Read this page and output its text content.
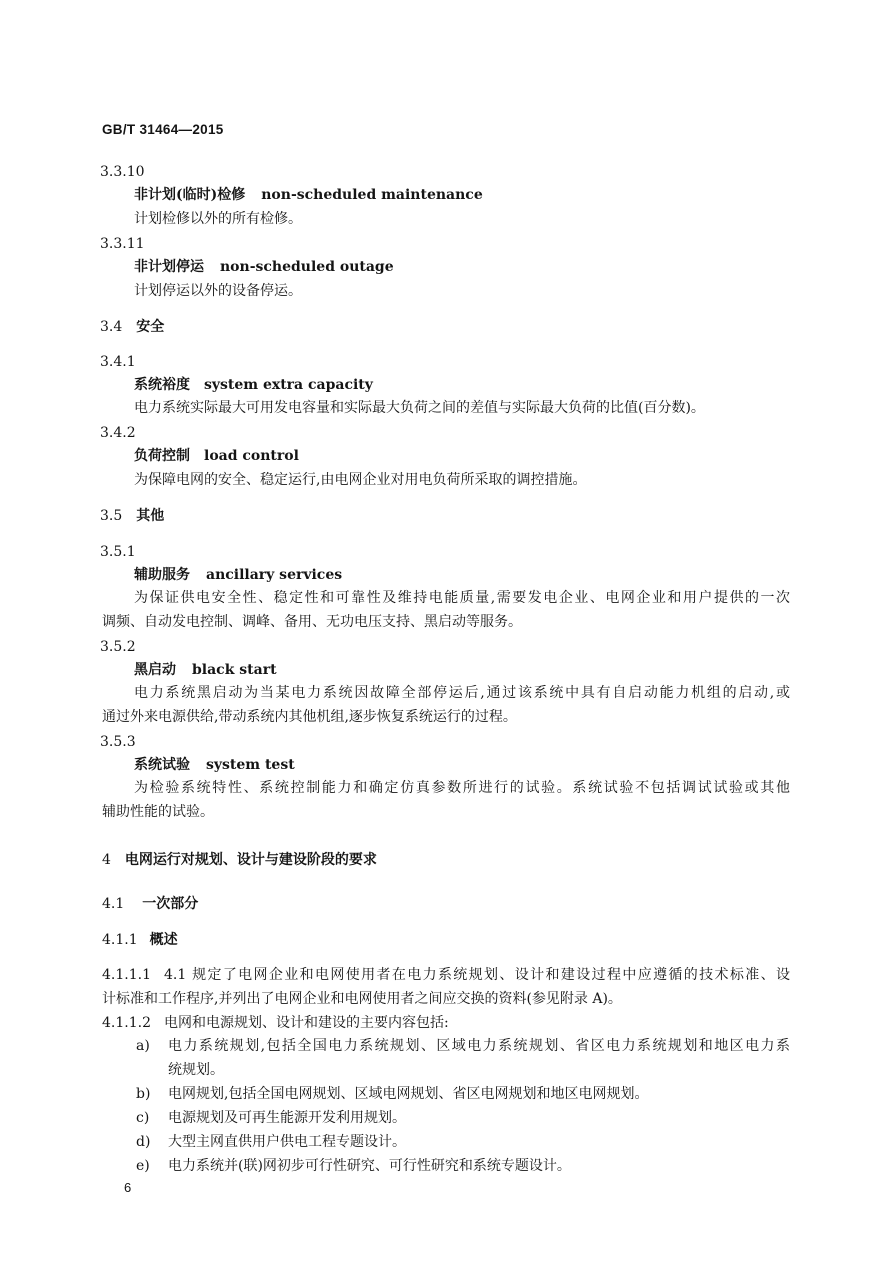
GB/T 31464—2015
3.3.10
非计划(临时)检修 non-scheduled maintenance
计划检修以外的所有检修。
3.3.11
非计划停运 non-scheduled outage
计划停运以外的设备停运。
3.4 安全
3.4.1
系统裕度 system extra capacity
电力系统实际最大可用发电容量和实际最大负荷之间的差值与实际最大负荷的比值(百分数)。
3.4.2
负荷控制 load control
为保障电网的安全、稳定运行,由电网企业对用电负荷所采取的调控措施。
3.5 其他
3.5.1
辅助服务 ancillary services
为保证供电安全性、稳定性和可靠性及维持电能质量,需要发电企业、电网企业和用户提供的一次
调频、自动发电控制、调峰、备用、无功电压支持、黑启动等服务。
3.5.2
黑启动 black start
电力系统黑启动为当某电力系统因故障全部停运后,通过该系统中具有自启动能力机组的启动,或
通过外来电源供给,带动系统内其他机组,逐步恢复系统运行的过程。
3.5.3
系统试验 system test
为检验系统特性、系统控制能力和确定仿真参数所进行的试验。系统试验不包括调试试验或其他
辅助性能的试验。
4 电网运行对规划、设计与建设阶段的要求
4.1 一次部分
4.1.1 概述
4.1.1.1 4.1 规定了电网企业和电网使用者在电力系统规划、设计和建设过程中应遵循的技术标准、设
计标准和工作程序,并列出了电网企业和电网使用者之间应交换的资料(参见附录 A)。
4.1.1.2 电网和电源规划、设计和建设的主要内容包括:
a) 电力系统规划,包括全国电力系统规划、区域电力系统规划、省区电力系统规划和地区电力系
统规划。
b) 电网规划,包括全国电网规划、区域电网规划、省区电网规划和地区电网规划。
c) 电源规划及可再生能源开发利用规划。
d) 大型主网直供用户供电工程专题设计。
e) 电力系统并(联)网初步可行性研究、可行性研究和系统专题设计。
6
